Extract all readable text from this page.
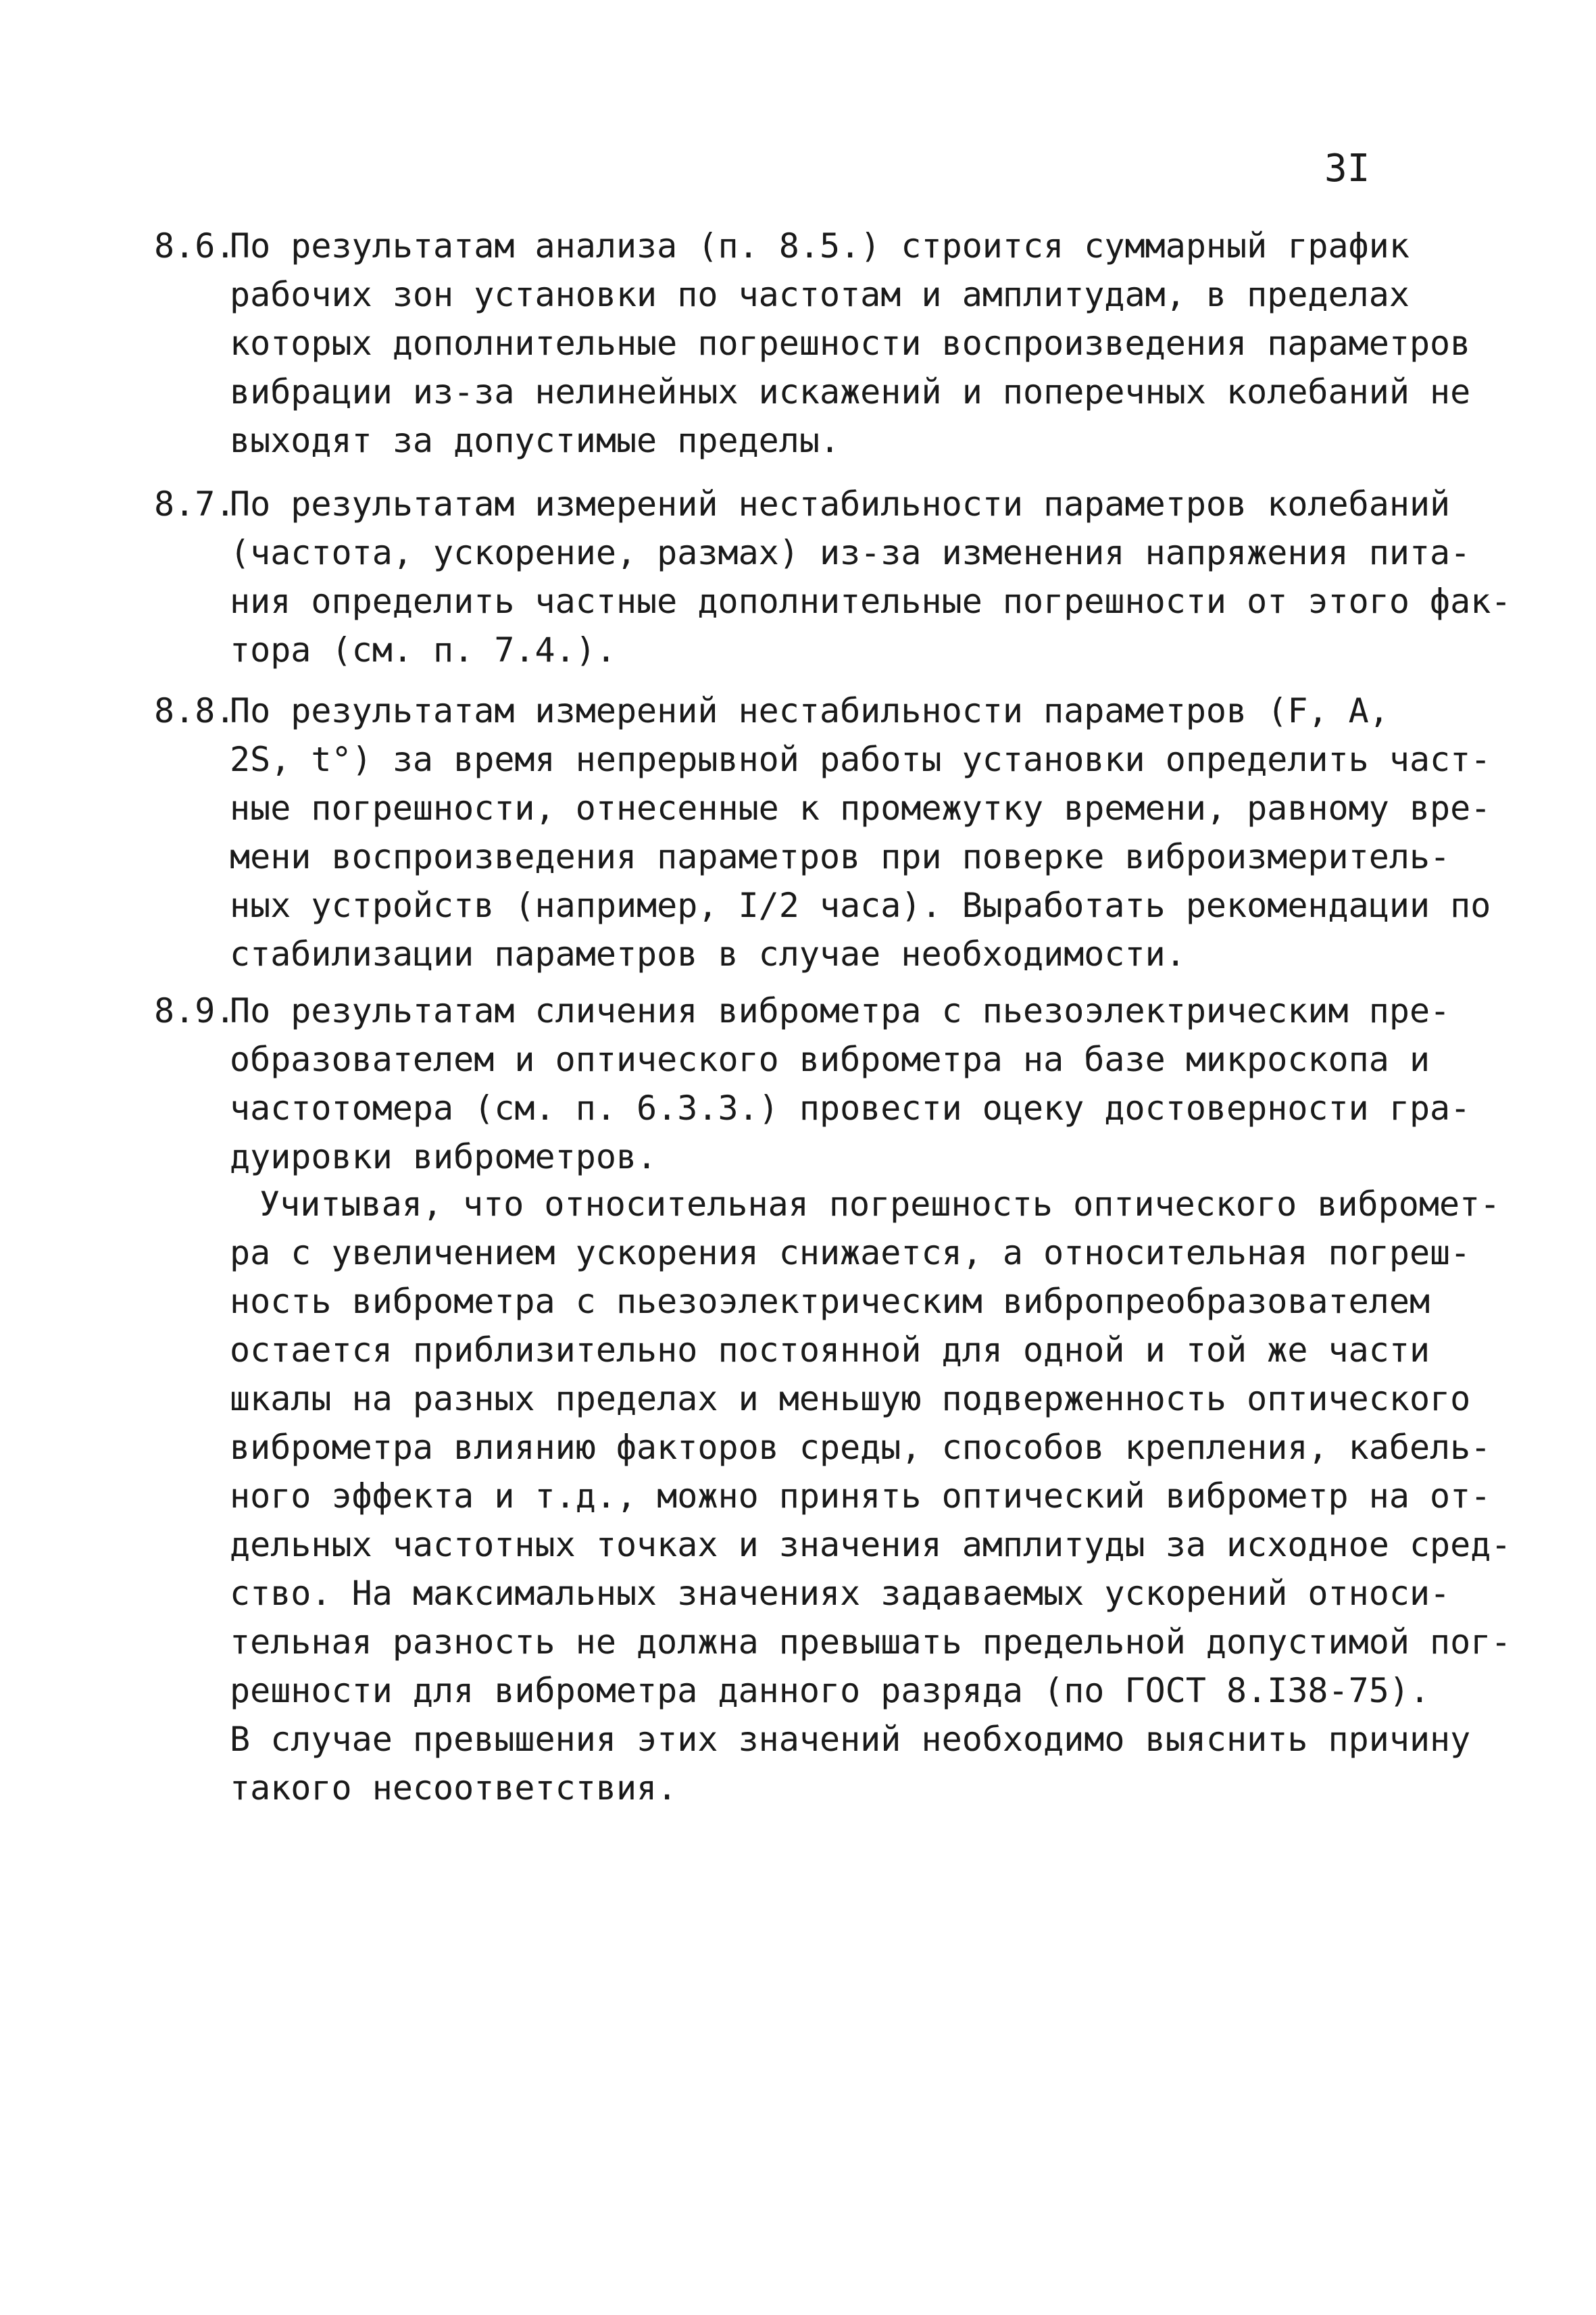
3I
8.6.
По результатам анализа (п. 8.5.) строится суммарный график
рабочих зон установки по частотам и амплитудам, в пределах
которых дополнительные погрешности воспроизведения параметров
вибрации из-за нелинейных искажений и поперечных колебаний не
выходят за допустимые пределы.
8.7.
По результатам измерений нестабильности параметров колебаний
(частота, ускорение, размах) из-за изменения напряжения пита-
ния определить частные дополнительные погрешности от этого фак-
тора (см. п. 7.4.).
8.8.
По результатам измерений нестабильности параметров (F, A,
2S, t°) за время непрерывной работы установки определить част-
ные погрешности, отнесенные к промежутку времени, равному вре-
мени воспроизведения параметров при поверке виброизмеритель-
ных устройств (например, I/2 часа). Выработать рекомендации по
стабилизации параметров в случае необходимости.
8.9.
По результатам сличения виброметра с пьезоэлектрическим пре-
образователем и оптического виброметра на базе микроскопа и
частотомера (см. п. 6.3.3.) провести оцеку достоверности гра-
дуировки виброметров.
Учитывая, что относительная погрешность оптического вибромет-
ра с увеличением ускорения снижается, а относительная погреш-
ность виброметра с пьезоэлектрическим вибропреобразователем
остается приблизительно постоянной для одной и той же части
шкалы на разных пределах и меньшую подверженность оптического
виброметра влиянию факторов среды, способов крепления, кабель-
ного эффекта и т.д., можно принять оптический виброметр на от-
дельных частотных точках и значения амплитуды за исходное сред-
ство. На максимальных значениях задаваемых ускорений относи-
тельная разность не должна превышать предельной допустимой пог-
решности для виброметра данного разряда (по ГОСТ 8.I38-75).
В случае превышения этих значений необходимо выяснить причину
такого несоответствия.
